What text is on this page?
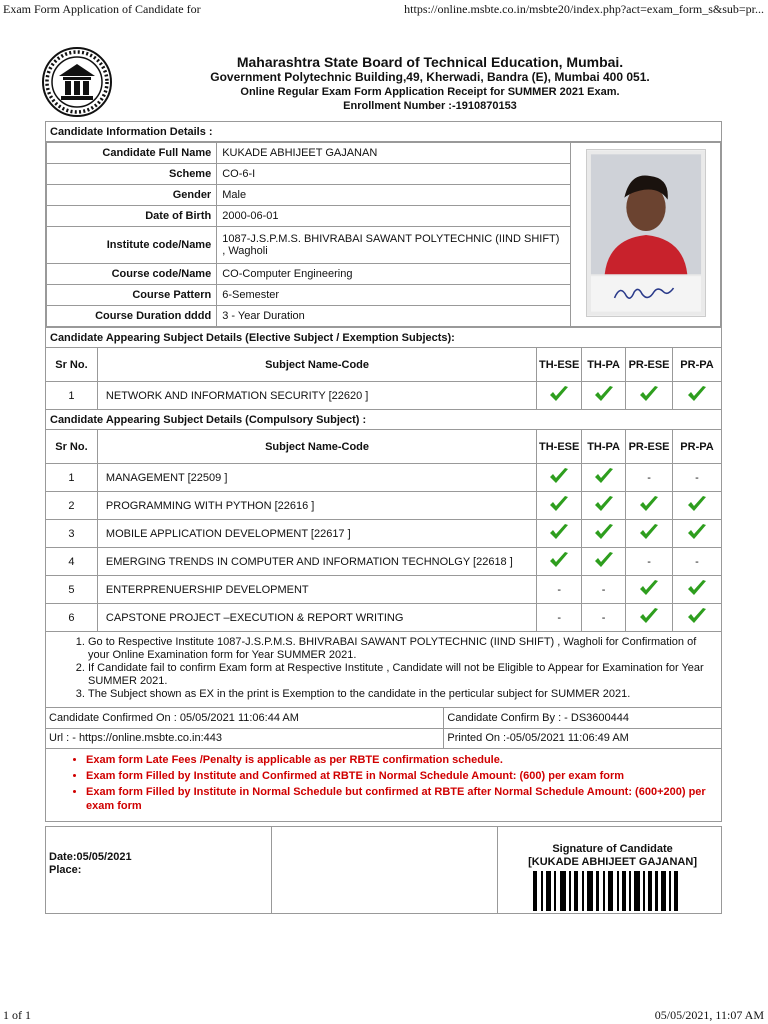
Exam Form Application of Candidate for	https://online.msbte.co.in/msbte20/index.php?act=exam_form_s&sub=pr...
Maharashtra State Board of Technical Education, Mumbai.
Government Polytechnic Building,49, Kherwadi, Bandra (E), Mumbai 400 051.
Online Regular Exam Form Application Receipt for SUMMER 2021 Exam.
Enrollment Number :-1910870153
Candidate Information Details :

Candidate Full Name	KUKADE ABHIJEET GAJANAN	
Scheme	CO-6-I
Gender	Male
Date of Birth	2000-06-01
Institute code/Name	1087-J.S.P.M.S. BHIVRABAI SAWANT POLYTECHNIC (IIND SHIFT) , Wagholi
Course code/Name	CO-Computer Engineering
Course Pattern	6-Semester
Course Duration dddd	3 - Year Duration

Candidate Appearing Subject Details (Elective Subject / Exemption Subjects):
Sr No.	Subject Name-Code	TH-ESE	TH-PA	PR-ESE	PR-PA
1	NETWORK AND INFORMATION SECURITY [22620 ]				
Candidate Appearing Subject Details (Compulsory Subject) :
Sr No.	Subject Name-Code	TH-ESE	TH-PA	PR-ESE	PR-PA
1	MANAGEMENT [22509 ]			-	-
2	PROGRAMMING WITH PYTHON [22616 ]				
3	MOBILE APPLICATION DEVELOPMENT [22617 ]				
4	EMERGING TRENDS IN COMPUTER AND INFORMATION TECHNOLGY [22618 ]			-	-
5	ENTERPRENUERSHIP DEVELOPMENT	-	-		
6	CAPSTONE PROJECT –EXECUTION & REPORT WRITING	-	-		

1. Go to Respective Institute 1087-J.S.P.M.S. BHIVRABAI SAWANT POLYTECHNIC (IIND SHIFT) , Wagholi for Confirmation of your Online Examination form for Year SUMMER 2021.
2. If Candidate fail to confirm Exam form at Respective Institute , Candidate will not be Eligible to Appear for Examination for Year SUMMER 2021.
3. The Subject shown as EX in the print is Exemption to the candidate in the perticular subject for SUMMER 2021.

Candidate Confirmed On : 05/05/2021 11:06:44 AM	Candidate Confirm By : - DS3600444
Url : - https://online.msbte.co.in:443	Printed On :-05/05/2021 11:06:49 AM

• Exam form Late Fees /Penalty is applicable as per RBTE confirmation schedule.
• Exam form Filled by Institute and Confirmed at RBTE in Normal Schedule Amount: (600) per exam form
• Exam form Filled by Institute in Normal Schedule but confirmed at RBTE after Normal Schedule Amount: (600+200) per exam form
Date:05/05/2021
Place:
Signature of Candidate
[KUKADE ABHIJEET GAJANAN]
1 of 1	05/05/2021, 11:07 AM
